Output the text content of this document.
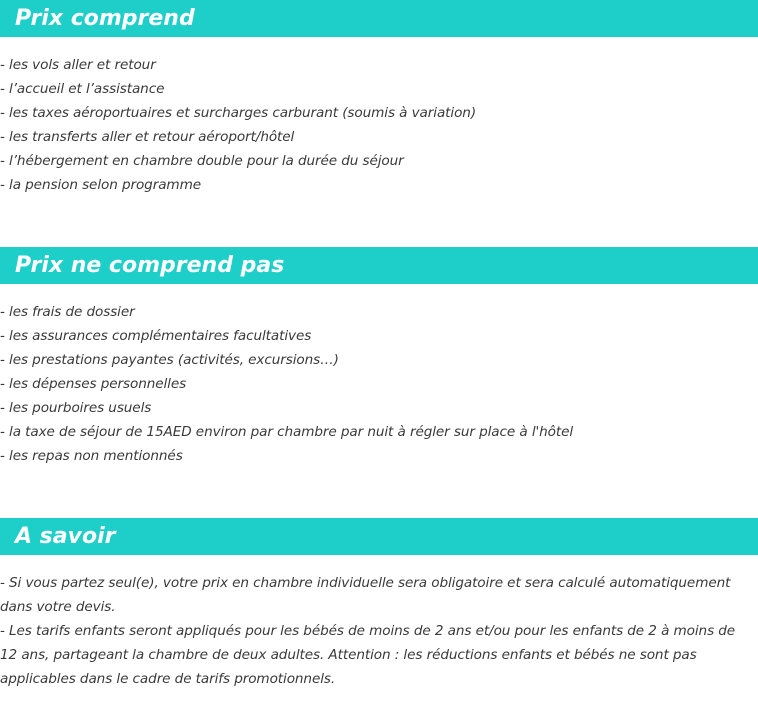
Prix comprend
- les vols aller et retour
- l’accueil et l’assistance
- les taxes aéroportuaires et surcharges carburant (soumis à variation)
- les transferts aller et retour aéroport/hôtel
- l’hébergement en chambre double pour la durée du séjour
- la pension selon programme
Prix ne comprend pas
- les frais de dossier
- les assurances complémentaires facultatives
- les prestations payantes (activités, excursions…)
- les dépenses personnelles
- les pourboires usuels
- la taxe de séjour de 15AED environ par chambre par nuit à régler sur place à l'hôtel
- les repas non mentionnés
A savoir

- Si vous partez seul(e), votre prix en chambre individuelle sera obligatoire et sera calculé automatiquement dans votre devis.

- Les tarifs enfants seront appliqués pour les bébés de moins de 2 ans et/ou pour les enfants de 2 à moins de 12 ans, partageant la chambre de deux adultes. Attention : les réductions enfants et bébés ne sont pas applicables dans le cadre de tarifs promotionnels.
